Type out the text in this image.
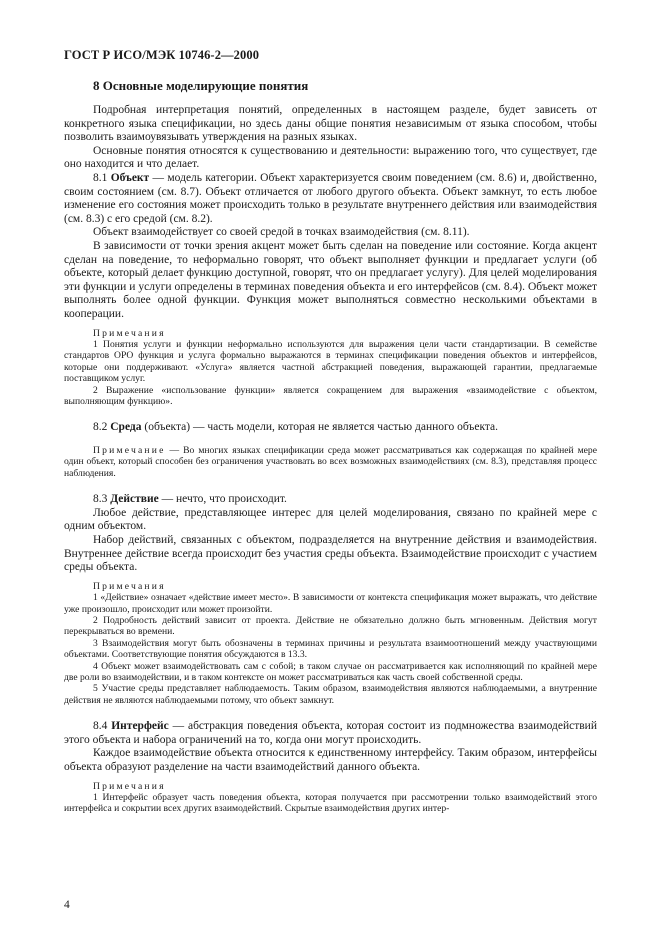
ГОСТ Р ИСО/МЭК 10746-2—2000
8 Основные моделирующие понятия

Подробная интерпретация понятий, определенных в настоящем разделе, будет зависеть от конкретного языка спецификации, но здесь даны общие понятия независимым от языка способом, чтобы позволить взаимоувязывать утверждения на разных языках.

Основные понятия относятся к существованию и деятельности: выражению того, что существует, где оно находится и что делает.

8.1 Объект — модель категории. Объект характеризуется своим поведением (см. 8.6) и, двойственно, своим состоянием (см. 8.7). Объект отличается от любого другого объекта. Объект замкнут, то есть любое изменение его состояния может происходить только в результате внутреннего действия или взаимодействия (см. 8.3) с его средой (см. 8.2).

Объект взаимодействует со своей средой в точках взаимодействия (см. 8.11).

В зависимости от точки зрения акцент может быть сделан на поведение или состояние. Когда акцент сделан на поведение, то неформально говорят, что объект выполняет функции и предлагает услуги (об объекте, который делает функцию доступной, говорят, что он предлагает услугу). Для целей моделирования эти функции и услуги определены в терминах поведения объекта и его интерфейсов (см. 8.4). Объект может выполнять более одной функции. Функция может выполняться совместно несколькими объектами в кооперации.

Примечания

1 Понятия услуги и функции неформально используются для выражения цели части стандартизации. В семействе стандартов ОРО функция и услуга формально выражаются в терминах спецификации поведения объектов и интерфейсов, которые они поддерживают. «Услуга» является частной абстракцией поведения, выражающей гарантии, предлагаемые поставщиком услуг.

2 Выражение «использование функции» является сокращением для выражения «взаимодействие с объектом, выполняющим функцию».

8.2 Среда (объекта) — часть модели, которая не является частью данного объекта.

Примечание — Во многих языках спецификации среда может рассматриваться как содержащая по крайней мере один объект, который способен без ограничения участвовать во всех возможных взаимодействиях (см. 8.3), представляя процесс наблюдения.

8.3 Действие — нечто, что происходит.

Любое действие, представляющее интерес для целей моделирования, связано по крайней мере с одним объектом.

Набор действий, связанных с объектом, подразделяется на внутренние действия и взаимодействия. Внутреннее действие всегда происходит без участия среды объекта. Взаимодействие происходит с участием среды объекта.

Примечания

1 «Действие» означает «действие имеет место». В зависимости от контекста спецификация может выражать, что действие уже произошло, происходит или может произойти.

2 Подробность действий зависит от проекта. Действие не обязательно должно быть мгновенным. Действия могут перекрываться во времени.

3 Взаимодействия могут быть обозначены в терминах причины и результата взаимоотношений между участвующими объектами. Соответствующие понятия обсуждаются в 13.3.

4 Объект может взаимодействовать сам с собой; в таком случае он рассматривается как исполняющий по крайней мере две роли во взаимодействии, и в таком контексте он может рассматриваться как часть своей собственной среды.

5 Участие среды представляет наблюдаемость. Таким образом, взаимодействия являются наблюдаемыми, а внутренние действия не являются наблюдаемыми потому, что объект замкнут.

8.4 Интерфейс — абстракция поведения объекта, которая состоит из подмножества взаимодействий этого объекта и набора ограничений на то, когда они могут происходить.

Каждое взаимодействие объекта относится к единственному интерфейсу. Таким образом, интерфейсы объекта образуют разделение на части взаимодействий данного объекта.

Примечания

1 Интерфейс образует часть поведения объекта, которая получается при рассмотрении только взаимодействий этого интерфейса и сокрытии всех других взаимодействий. Скрытые взаимодействия других интер-

4
